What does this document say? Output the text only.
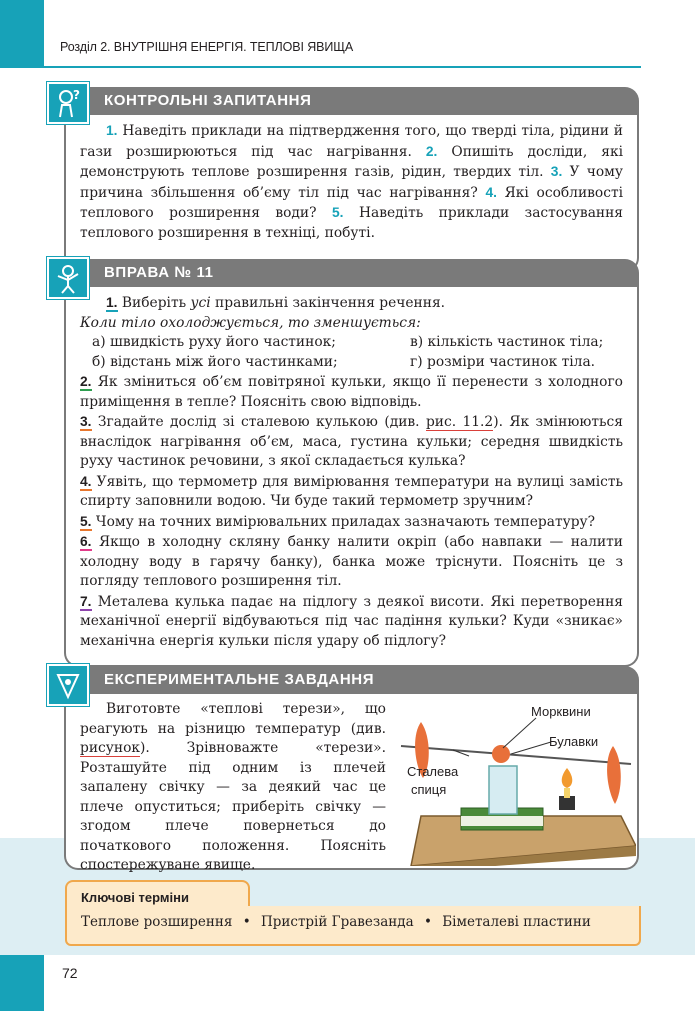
Розділ 2. ВНУТРІШНЯ ЕНЕРГІЯ. ТЕПЛОВІ ЯВИЩА
КОНТРОЛЬНІ ЗАПИТАННЯ
1. Наведіть приклади на підтвердження того, що тверді тіла, рідини й гази розширюються під час нагрівання. 2. Опишіть досліди, які демонструють теплове розширення газів, рідин, твердих тіл. 3. У чому причина збільшення об’єму тіл під час нагрівання? 4. Які особливості теплового розширення води? 5. Наведіть приклади застосування теплового розширення в техніці, побуті.
?
ВПРАВА № 11
1. Виберіть усі правильні закінчення речення.
Коли тіло охолоджується, то зменшується:
а) швидкість руху його частинок;	в) кількість частинок тіла;
б) відстань між його частинками;	г) розміри частинок тіла.
2. Як зміниться об’єм повітряної кульки, якщо її перенести з холодного приміщення в тепле? Поясніть свою відповідь.
3. Згадайте дослід зі сталевою кулькою (див. рис. 11.2). Як змінюються внаслідок нагрівання об’єм, маса, густина кульки; середня швидкість руху частинок речовини, з якої складається кулька?
4. Уявіть, що термометр для вимірювання температури на вулиці замість спирту заповнили водою. Чи буде такий термометр зручним?
5. Чому на точних вимірювальних приладах зазначають температуру?
6. Якщо в холодну скляну банку налити окріп (або навпаки — налити холодну воду в гарячу банку), банка може тріснути. Поясніть це з погляду теплового розширення тіл.
7. Металева кулька падає на підлогу з деякої висоти. Які перетворення механічної енергії відбуваються під час падіння кульки? Куди «зникає» механічна енергія кульки після удару об підлогу?
ЕКСПЕРИМЕНТАЛЬНЕ ЗАВДАННЯ
Виготовте «теплові терези», що реагують на різницю температур (див. рисунок). Зрівноважте «терези». Розташуйте під одним із плечей запалену свічку — за деякий час це плече опуститься; приберіть свічку — згодом плече повернеться до початкового положення. Поясніть спостережуване явище.
Морквини
Булавки
Сталева
спиця
Ключові терміни
Теплове розширення • Пристрій Гравезанда • Біметалеві пластини
72
